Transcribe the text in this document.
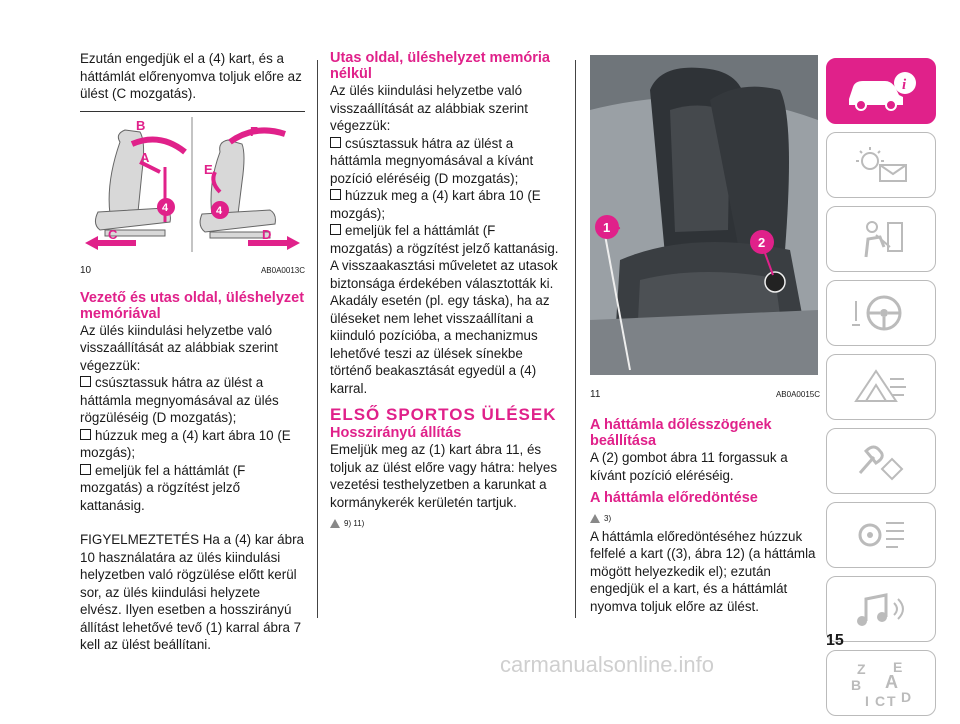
Ezután engedjük el a (4) kart, és a háttámlát előrenyomva toljuk előre az ülést (C mozgatás).

B
A
4
C
F
E
4
D
10	AB0A0013C

Vezető és utas oldal, üléshelyzet memóriával

Az ülés kiindulási helyzetbe való visszaállítását az alábbiak szerint végezzük:

csúsztassuk hátra az ülést a háttámla megnyomásával az ülés rögzüléséig (D mozgatás);

húzzuk meg a (4) kart ábra 10 (E mozgás);

emeljük fel a háttámlát (F mozgatás) a rögzítést jelző kattanásig.

FIGYELMEZTETÉS Ha a (4) kar ábra 10 használatára az ülés kiindulási helyzetben való rögzülése előtt kerül sor, az ülés kiindulási helyzete elvész. Ilyen esetben a hosszirányú állítást lehetővé tevő (1) karral ábra 7 kell az ülést beállítani.

Utas oldal, üléshelyzet memória nélkül

Az ülés kiindulási helyzetbe való visszaállítását az alábbiak szerint végezzük:

csúsztassuk hátra az ülést a háttámla megnyomásával a kívánt pozíció eléréséig (D mozgatás);

húzzuk meg a (4) kart ábra 10 (E mozgás);

emeljük fel a háttámlát (F mozgatás) a rögzítést jelző kattanásig. A visszaakasztási műveletet az utasok biztonsága érdekében választották ki. Akadály esetén (pl. egy táska), ha az üléseket nem lehet visszaállítani a kiinduló pozícióba, a mechanizmus lehetővé teszi az ülések sínekbe történő beakasztását egyedül a (4) karral.

ELSŐ SPORTOS ÜLÉSEK

Hosszirányú állítás

Emeljük meg az (1) kart ábra 11, és toljuk az ülést előre vagy hátra: helyes vezetési testhelyzetben a karunkat a kormánykerék kerületén tartjuk.

9) 11)
1
2
11	AB0A0015C

A háttámla dőlésszögének beállítása

A (2) gombot ábra 11 forgassuk a kívánt pozíció eléréséig.

A háttámla előredöntése

3)

A háttámla előredöntéséhez húzzuk felfelé a kart ((3), ábra 12) (a háttámla mögött helyezkedik el); ezután engedjük el a kart, és a háttámlát nyomva toljuk előre az ülést.

i
Z E
B A
I C T D
15
carmanualsonline.info
